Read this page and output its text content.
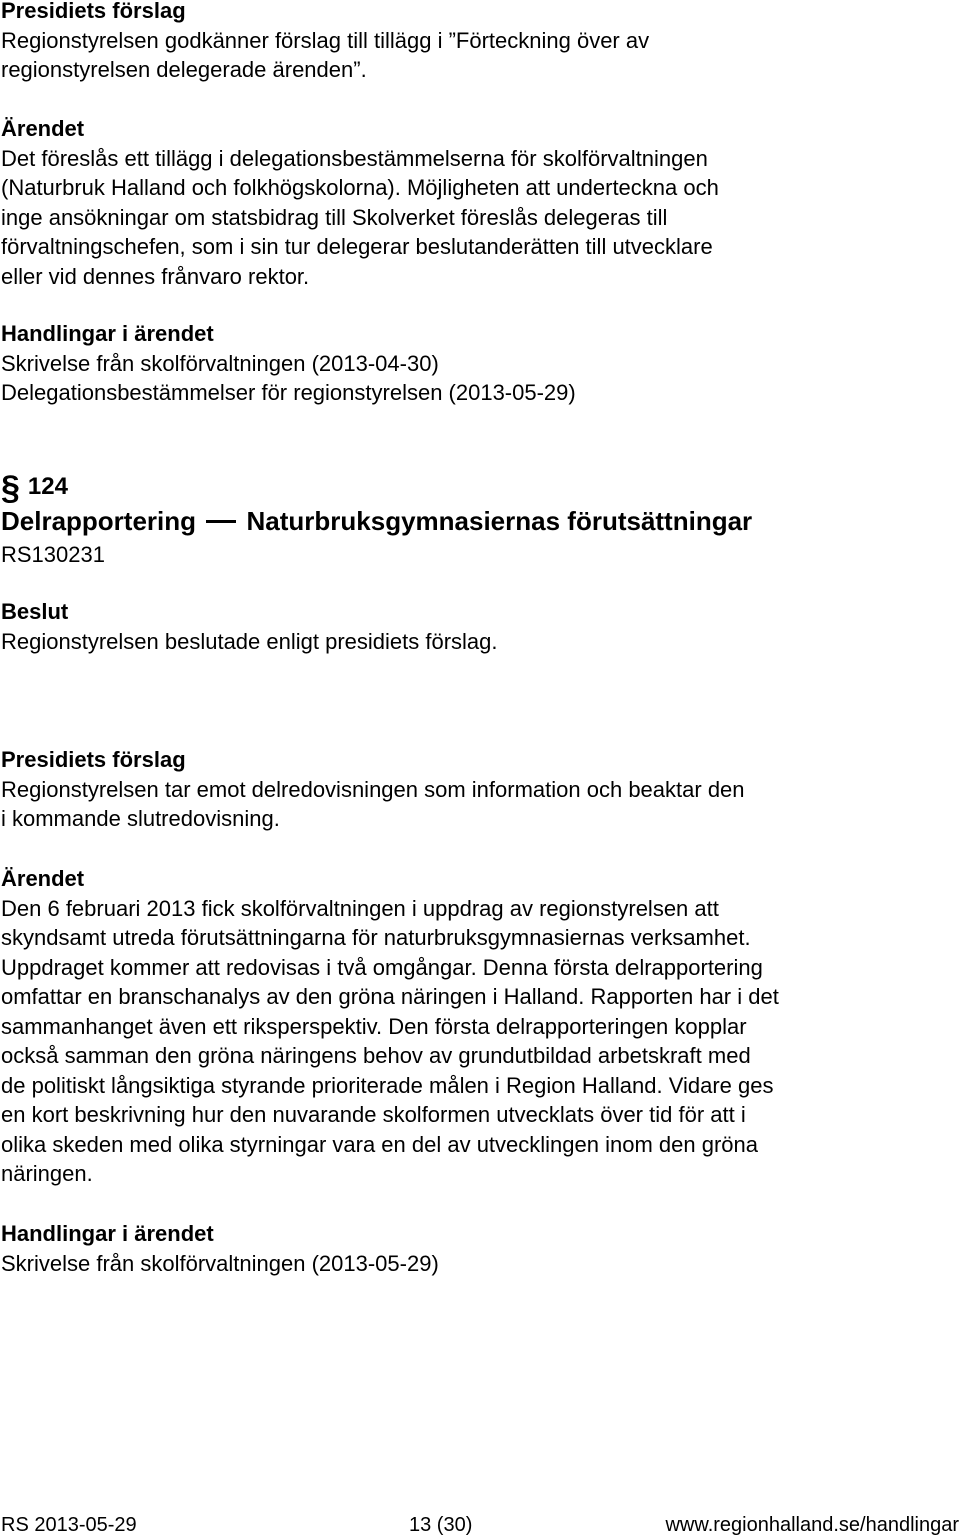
Presidiets förslag

Regionstyrelsen godkänner förslag till tillägg i ”Förteckning över av

regionstyrelsen delegerade ärenden”.

Ärendet

Det föreslås ett tillägg i delegationsbestämmelserna för skolförvaltningen

(Naturbruk Halland och folkhögskolorna). Möjligheten att underteckna och

inge ansökningar om statsbidrag till Skolverket föreslås delegeras till

förvaltningschefen, som i sin tur delegerar beslutanderätten till utvecklare

eller vid dennes frånvaro rektor.

Handlingar i ärendet

Skrivelse från skolförvaltningen (2013-04-30)

Delegationsbestämmelser för regionstyrelsen (2013-05-29)

§ 124
Delrapportering Naturbruksgymnasiernas förutsättningar

RS130231

Beslut

Regionstyrelsen beslutade enligt presidiets förslag.

Presidiets förslag

Regionstyrelsen tar emot delredovisningen som information och beaktar den

i kommande slutredovisning.

Ärendet

Den 6 februari 2013 fick skolförvaltningen i uppdrag av regionstyrelsen att

skyndsamt utreda förutsättningarna för naturbruksgymnasiernas verksamhet.

Uppdraget kommer att redovisas i två omgångar. Denna första delrapportering

omfattar en branschanalys av den gröna näringen i Halland. Rapporten har i det

sammanhanget även ett riksperspektiv. Den första delrapporteringen kopplar

också samman den gröna näringens behov av grundutbildad arbetskraft med

de politiskt långsiktiga styrande prioriterade målen i Region Halland. Vidare ges

en kort beskrivning hur den nuvarande skolformen utvecklats över tid för att i

olika skeden med olika styrningar vara en del av utvecklingen inom den gröna

näringen.

Handlingar i ärendet

Skrivelse från skolförvaltningen (2013-05-29)

RS 2013-05-29	13 (30)	www.regionhalland.se/handlingar
